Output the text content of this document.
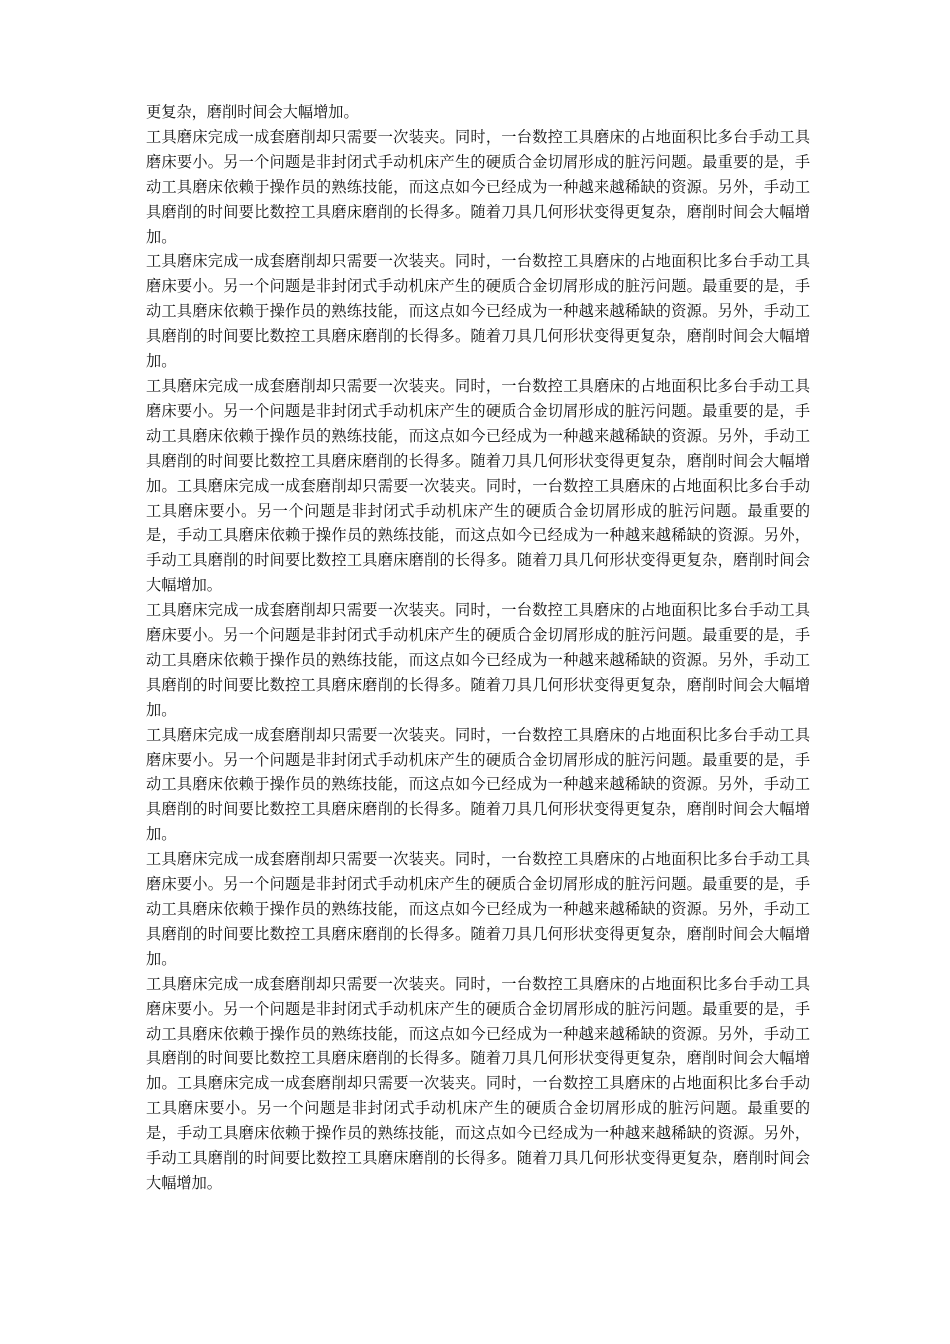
更复杂，磨削时间会大幅增加。

工具磨床完成一成套磨削却只需要一次装夹。同时，一台数控工具磨床的占地面积比多台手动工具磨床要小。另一个问题是非封闭式手动机床产生的硬质合金切屑形成的脏污问题。最重要的是，手动工具磨床依赖于操作员的熟练技能，而这点如今已经成为一种越来越稀缺的资源。另外，手动工具磨削的时间要比数控工具磨床磨削的长得多。随着刀具几何形状变得更复杂，磨削时间会大幅增加。

工具磨床完成一成套磨削却只需要一次装夹。同时，一台数控工具磨床的占地面积比多台手动工具磨床要小。另一个问题是非封闭式手动机床产生的硬质合金切屑形成的脏污问题。最重要的是，手动工具磨床依赖于操作员的熟练技能，而这点如今已经成为一种越来越稀缺的资源。另外，手动工具磨削的时间要比数控工具磨床磨削的长得多。随着刀具几何形状变得更复杂，磨削时间会大幅增加。

工具磨床完成一成套磨削却只需要一次装夹。同时，一台数控工具磨床的占地面积比多台手动工具磨床要小。另一个问题是非封闭式手动机床产生的硬质合金切屑形成的脏污问题。最重要的是，手动工具磨床依赖于操作员的熟练技能，而这点如今已经成为一种越来越稀缺的资源。另外，手动工具磨削的时间要比数控工具磨床磨削的长得多。随着刀具几何形状变得更复杂，磨削时间会大幅增加。工具磨床完成一成套磨削却只需要一次装夹。同时，一台数控工具磨床的占地面积比多台手动工具磨床要小。另一个问题是非封闭式手动机床产生的硬质合金切屑形成的脏污问题。最重要的是，手动工具磨床依赖于操作员的熟练技能，而这点如今已经成为一种越来越稀缺的资源。另外，手动工具磨削的时间要比数控工具磨床磨削的长得多。随着刀具几何形状变得更复杂，磨削时间会大幅增加。

工具磨床完成一成套磨削却只需要一次装夹。同时，一台数控工具磨床的占地面积比多台手动工具磨床要小。另一个问题是非封闭式手动机床产生的硬质合金切屑形成的脏污问题。最重要的是，手动工具磨床依赖于操作员的熟练技能，而这点如今已经成为一种越来越稀缺的资源。另外，手动工具磨削的时间要比数控工具磨床磨削的长得多。随着刀具几何形状变得更复杂，磨削时间会大幅增加。

工具磨床完成一成套磨削却只需要一次装夹。同时，一台数控工具磨床的占地面积比多台手动工具磨床要小。另一个问题是非封闭式手动机床产生的硬质合金切屑形成的脏污问题。最重要的是，手动工具磨床依赖于操作员的熟练技能，而这点如今已经成为一种越来越稀缺的资源。另外，手动工具磨削的时间要比数控工具磨床磨削的长得多。随着刀具几何形状变得更复杂，磨削时间会大幅增加。

工具磨床完成一成套磨削却只需要一次装夹。同时，一台数控工具磨床的占地面积比多台手动工具磨床要小。另一个问题是非封闭式手动机床产生的硬质合金切屑形成的脏污问题。最重要的是，手动工具磨床依赖于操作员的熟练技能，而这点如今已经成为一种越来越稀缺的资源。另外，手动工具磨削的时间要比数控工具磨床磨削的长得多。随着刀具几何形状变得更复杂，磨削时间会大幅增加。

工具磨床完成一成套磨削却只需要一次装夹。同时，一台数控工具磨床的占地面积比多台手动工具磨床要小。另一个问题是非封闭式手动机床产生的硬质合金切屑形成的脏污问题。最重要的是，手动工具磨床依赖于操作员的熟练技能，而这点如今已经成为一种越来越稀缺的资源。另外，手动工具磨削的时间要比数控工具磨床磨削的长得多。随着刀具几何形状变得更复杂，磨削时间会大幅增加。工具磨床完成一成套磨削却只需要一次装夹。同时，一台数控工具磨床的占地面积比多台手动工具磨床要小。另一个问题是非封闭式手动机床产生的硬质合金切屑形成的脏污问题。最重要的是，手动工具磨床依赖于操作员的熟练技能，而这点如今已经成为一种越来越稀缺的资源。另外，手动工具磨削的时间要比数控工具磨床磨削的长得多。随着刀具几何形状变得更复杂，磨削时间会大幅增加。
